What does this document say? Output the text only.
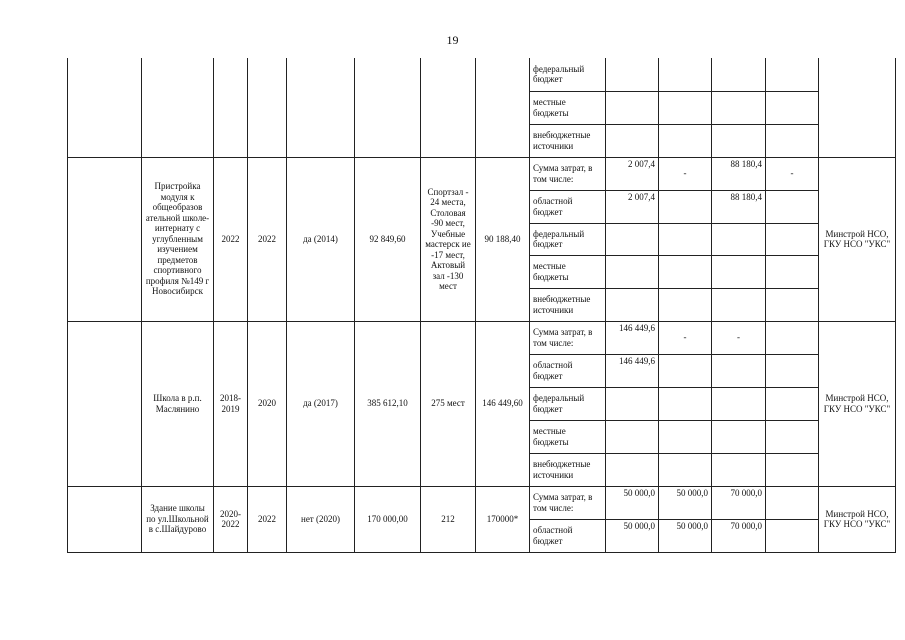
19
								федеральный бюджет					
								местные бюджеты					
								внебюджетные источники					
	Пристройка модуля к общеобразов ательной школе-интернату с углубленным изучением предметов спортивного профиля №149 г Новосибирск	2022	2022	да (2014)	92 849,60	Спортзал - 24 места, Столовая -90 мест, Учебные мастерск ие -17 мест, Актовый зал -130 мест	90 188,40	Сумма затрат, в том числе:	2 007,4	-	88 180,4	-	Минстрой НСО, ГКУ НСО "УКС"
								областной бюджет	2 007,4		88 180,4		
								федеральный бюджет					
								местные бюджеты					
								внебюджетные источники					
	Школа в р.п. Маслянино	2018-2019	2020	да (2017)	385 612,10	275 мест	146 449,60	Сумма затрат, в том числе:	146 449,6	-	-		Минстрой НСО, ГКУ НСО "УКС"
								областной бюджет	146 449,6				
								федеральный бюджет					
								местные бюджеты					
								внебюджетные источники					
	Здание школы по ул.Школьной в с.Шайдурово	2020-2022	2022	нет (2020)	170 000,00	212	170000*	Сумма затрат, в том числе:	50 000,0	50 000,0	70 000,0		Минстрой НСО, ГКУ НСО "УКС"
								областной бюджет	50 000,0	50 000,0	70 000,0		
